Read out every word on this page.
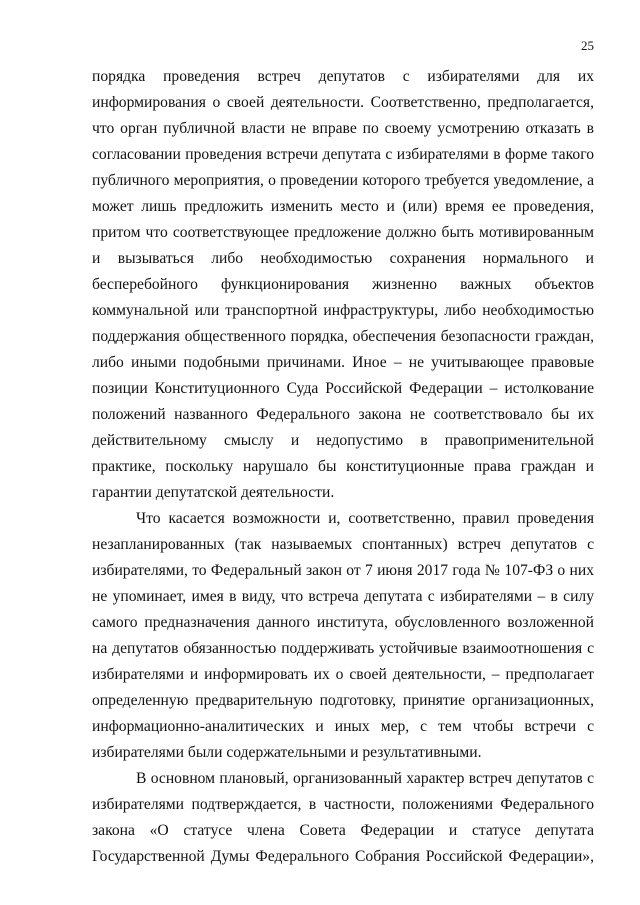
25

порядка проведения встреч депутатов с избирателями для их информирования о своей деятельности. Соответственно, предполагается, что орган публичной власти не вправе по своему усмотрению отказать в согласовании проведения встречи депутата с избирателями в форме такого публичного мероприятия, о проведении которого требуется уведомление, а может лишь предложить изменить место и (или) время ее проведения, притом что соответствующее предложение должно быть мотивированным и вызываться либо необходимостью сохранения нормального и бесперебойного функционирования жизненно важных объектов коммунальной или транспортной инфраструктуры, либо необходимостью поддержания общественного порядка, обеспечения безопасности граждан, либо иными подобными причинами. Иное – не учитывающее правовые позиции Конституционного Суда Российской Федерации – истолкование положений названного Федерального закона не соответствовало бы их действительному смыслу и недопустимо в правоприменительной практике, поскольку нарушало бы конституционные права граждан и гарантии депутатской деятельности.

Что касается возможности и, соответственно, правил проведения незапланированных (так называемых спонтанных) встреч депутатов с избирателями, то Федеральный закон от 7 июня 2017 года № 107-ФЗ о них не упоминает, имея в виду, что встреча депутата с избирателями – в силу самого предназначения данного института, обусловленного возложенной на депутатов обязанностью поддерживать устойчивые взаимоотношения с избирателями и информировать их о своей деятельности, – предполагает определенную предварительную подготовку, принятие организационных, информационно-аналитических и иных мер, с тем чтобы встречи с избирателями были содержательными и результативными.

В основном плановый, организованный характер встреч депутатов с избирателями подтверждается, в частности, положениями Федерального закона «О статусе члена Совета Федерации и статусе депутата Государственной Думы Федерального Собрания Российской Федерации»,
